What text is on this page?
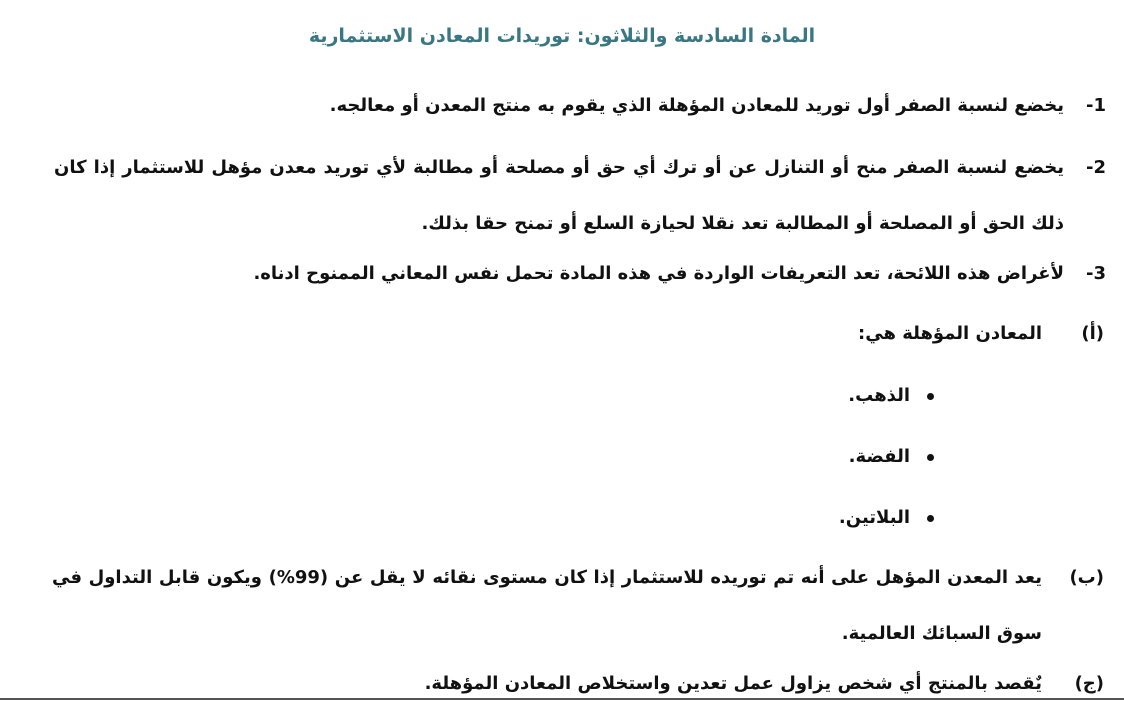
المادة السادسة والثلاثون: توريدات المعادن الاستثمارية
-1
يخضع لنسبة الصفر أول توريد للمعادن المؤهلة الذي يقوم به منتج المعدن أو معالجه.
-2
يخضع لنسبة الصفر منح أو التنازل عن أو ترك أي حق أو مصلحة أو مطالبة لأي توريد معدن مؤهل للاستثمار إذا كان ذلك الحق أو المصلحة أو المطالبة تعد نقلا لحيازة السلع أو تمنح حقا بذلك.
-3
لأغراض هذه اللائحة، تعد التعريفات الواردة في هذه المادة تحمل نفس المعاني الممنوح ادناه.
(أ)
المعادن المؤهلة هي:
الذهب.
الفضة.
البلاتين.
(ب)
يعد المعدن المؤهل على أنه تم توريده للاستثمار إذا كان مستوى نقائه لا يقل عن (99%) ويكون قابل التداول في سوق السبائك العالمية.
(ج)
يٌقصد بالمنتج أي شخص يزاول عمل تعدين واستخلاص المعادن المؤهلة.
